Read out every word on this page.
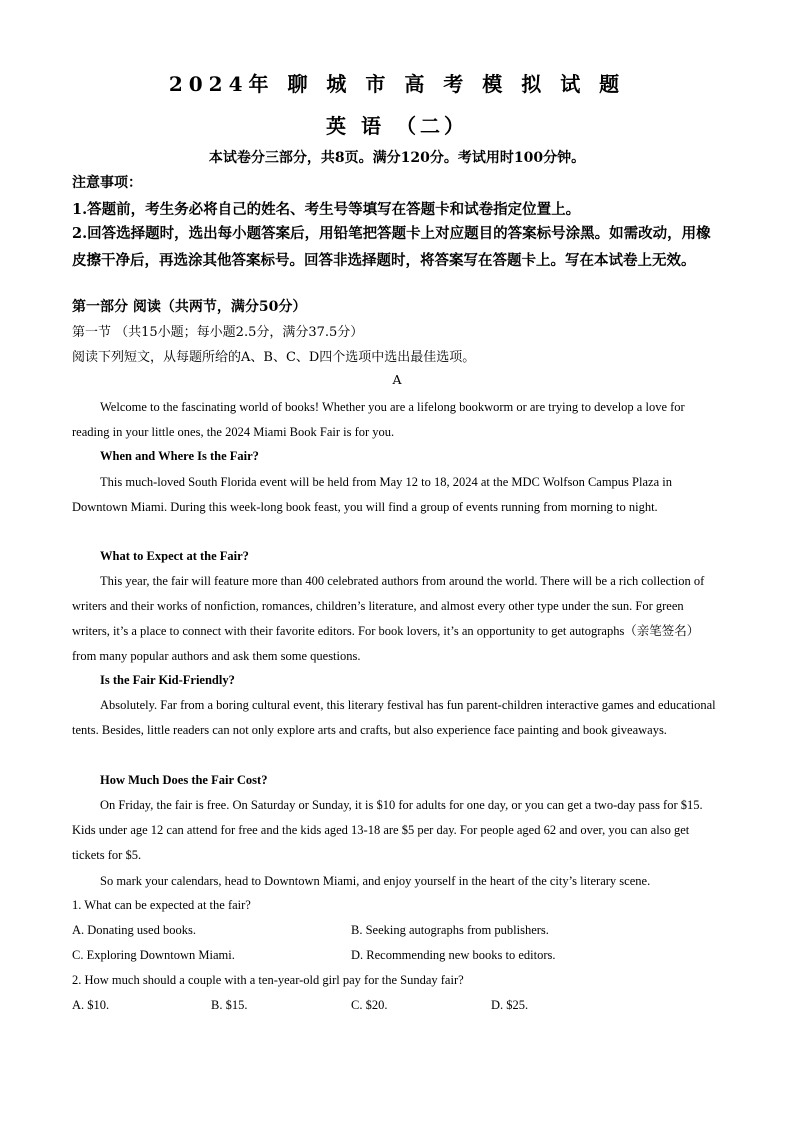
2024年 聊 城 市 高 考 模 拟 试 题
英 语 （二）
本试卷分三部分，共8页。满分120分。考试用时100分钟。
注意事项：
1.答题前，考生务必将自己的姓名、考生号等填写在答题卡和试卷指定位置上。
2.回答选择题时，选出每小题答案后，用铅笔把答题卡上对应题目的答案标号涂黑。如需改动，用橡皮擦干净后，再选涂其他答案标号。回答非选择题时，将答案写在答题卡上。写在本试卷上无效。
第一部分 阅读（共两节，满分50分）
第一节 （共15小题；每小题2.5分，满分37.5分）
阅读下列短文，从每题所给的A、B、C、D四个选项中选出最佳选项。
A
Welcome to the fascinating world of books! Whether you are a lifelong bookworm or are trying to develop a love for reading in your little ones, the 2024 Miami Book Fair is for you.
When and Where Is the Fair?
This much-loved South Florida event will be held from May 12 to 18, 2024 at the MDC Wolfson Campus Plaza in Downtown Miami. During this week-long book feast, you will find a group of events running from morning to night.
What to Expect at the Fair?
This year, the fair will feature more than 400 celebrated authors from around the world. There will be a rich collection of writers and their works of nonfiction, romances, children’s literature, and almost every other type under the sun. For green writers, it’s a place to connect with their favorite editors. For book lovers, it’s an opportunity to get autographs（亲笔签名） from many popular authors and ask them some questions.
Is the Fair Kid-Friendly?
Absolutely. Far from a boring cultural event, this literary festival has fun parent-children interactive games and educational tents. Besides, little readers can not only explore arts and crafts, but also experience face painting and book giveaways.
How Much Does the Fair Cost?
On Friday, the fair is free. On Saturday or Sunday, it is $10 for adults for one day, or you can get a two-day pass for $15. Kids under age 12 can attend for free and the kids aged 13-18 are $5 per day. For people aged 62 and over, you can also get tickets for $5.
So mark your calendars, head to Downtown Miami, and enjoy yourself in the heart of the city’s literary scene.
1. What can be expected at the fair?
A. Donating used books.	B. Seeking autographs from publishers.
C. Exploring Downtown Miami.	D. Recommending new books to editors.
2. How much should a couple with a ten-year-old girl pay for the Sunday fair?
A. $10.	B. $15.	C. $20.	D. $25.
